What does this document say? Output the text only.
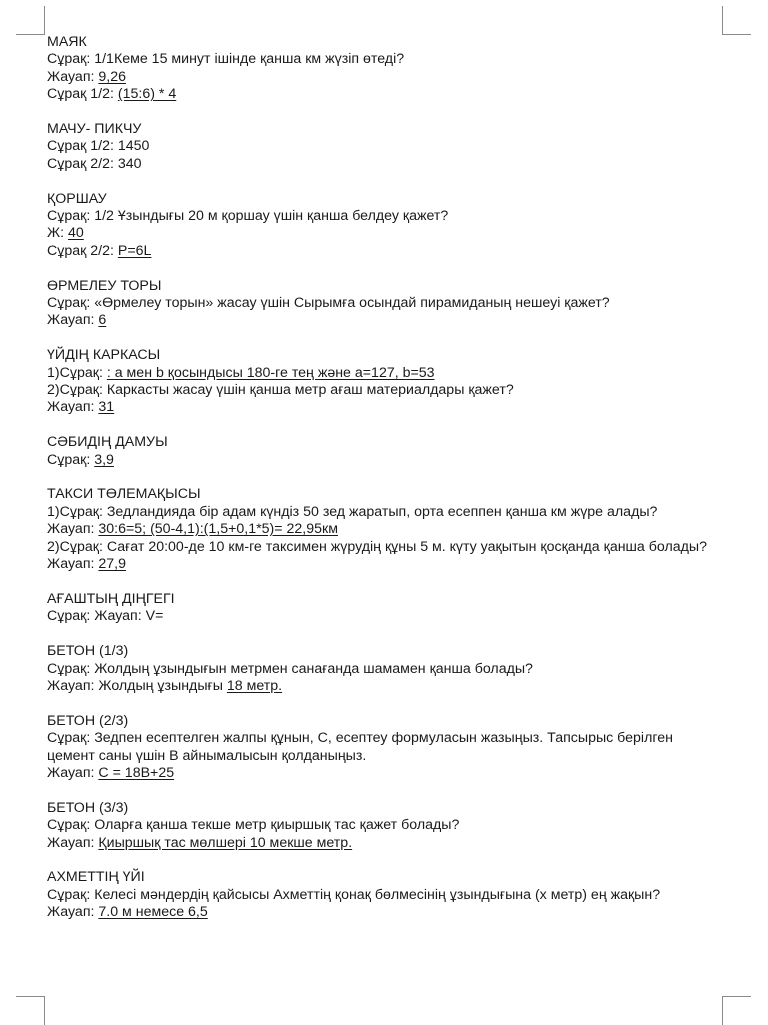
МАЯК
Сұрақ: 1/1Кеме 15 минут ішінде қанша км жүзіп өтеді?
Жауап: 9,26
Сұрақ 1/2: (15:6) * 4
МАЧУ- ПИКЧУ
Сұрақ 1/2: 1450
Сұрақ 2/2: 340
ҚОРШАУ
Сұрақ: 1/2 Ұзындығы 20 м қоршау үшін қанша белдеу қажет?
Ж: 40
Сұрақ 2/2: P=6L
ӨРМЕЛЕУ ТОРЫ
Сұрақ: «Өрмелеу торын» жасау үшін Сырымға осындай пирамиданың нешеуі қажет?
Жауап: 6
ҮЙДІҢ КАРКАСЫ
1)Сұрақ: : a мен b қосындысы 180-ге тең және a=127, b=53
2)Сұрақ: Каркасты жасау үшін қанша метр ағаш материалдары қажет?
Жауап: 31
СӘБИДІҢ ДАМУЫ
Сұрақ: 3,9
ТАКСИ ТӨЛЕМАҚЫСЫ
1)Сұрақ: Зедландияда бір адам күндіз 50 зед жаратып, орта есеппен қанша км жүре алады?
Жауап: 30:6=5; (50-4,1):(1,5+0,1*5)= 22,95км
2)Сұрақ: Сағат 20:00-де 10 км-ге таксимен жүрудің құны 5 м. күту уақытын қосқанда қанша болады?
Жауап: 27,9
АҒАШТЫҢ ДІҢГЕГІ
Сұрақ: Жауап: V=
БЕТОН (1/3)
Сұрақ: Жолдың ұзындығын метрмен санағанда шамамен қанша болады?
Жауап: Жолдың ұзындығы 18 метр.
БЕТОН (2/3)
Сұрақ: Зедпен есептелген жалпы құнын, С, есептеу формуласын жазыңыз. Тапсырыс берілген цемент саны үшін В айнымалысын қолданыңыз.
Жауап: C = 18B+25
БЕТОН (3/3)
Сұрақ: Оларға қанша текше метр қиыршық тас қажет болады?
Жауап: Қиыршық тас мөлшері 10 мекше метр.
АХМЕТТІҢ ҮЙІ
Сұрақ: Келесі мәндердің қайсысы Ахметтің қонақ бөлмесінің ұзындығына (х метр) ең жақын?
Жауап: 7.0 м немесе 6,5
